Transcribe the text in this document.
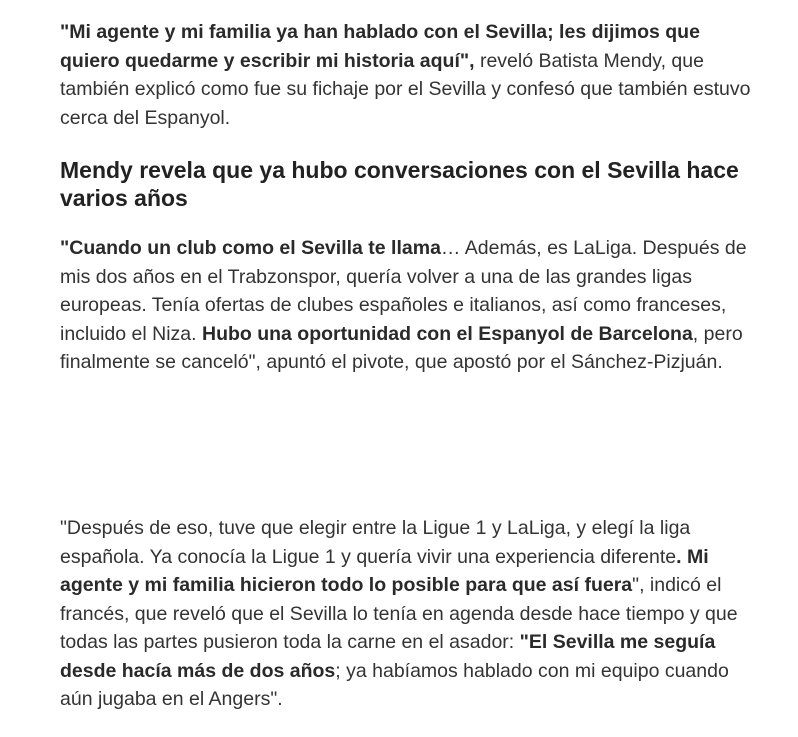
"Mi agente y mi familia ya han hablado con el Sevilla; les dijimos que quiero quedarme y escribir mi historia aquí", reveló Batista Mendy, que también explicó como fue su fichaje por el Sevilla y confesó que también estuvo cerca del Espanyol.

Mendy revela que ya hubo conversaciones con el Sevilla hace varios años

"Cuando un club como el Sevilla te llama… Además, es LaLiga. Después de mis dos años en el Trabzonspor, quería volver a una de las grandes ligas europeas. Tenía ofertas de clubes españoles e italianos, así como franceses, incluido el Niza. Hubo una oportunidad con el Espanyol de Barcelona, pero finalmente se canceló", apuntó el pivote, que apostó por el Sánchez-Pizjuán.

"Después de eso, tuve que elegir entre la Ligue 1 y LaLiga, y elegí la liga española. Ya conocía la Ligue 1 y quería vivir una experiencia diferente. Mi agente y mi familia hicieron todo lo posible para que así fuera", indicó el francés, que reveló que el Sevilla lo tenía en agenda desde hace tiempo y que todas las partes pusieron toda la carne en el asador: "El Sevilla me seguía desde hacía más de dos años; ya habíamos hablado con mi equipo cuando aún jugaba en el Angers".
